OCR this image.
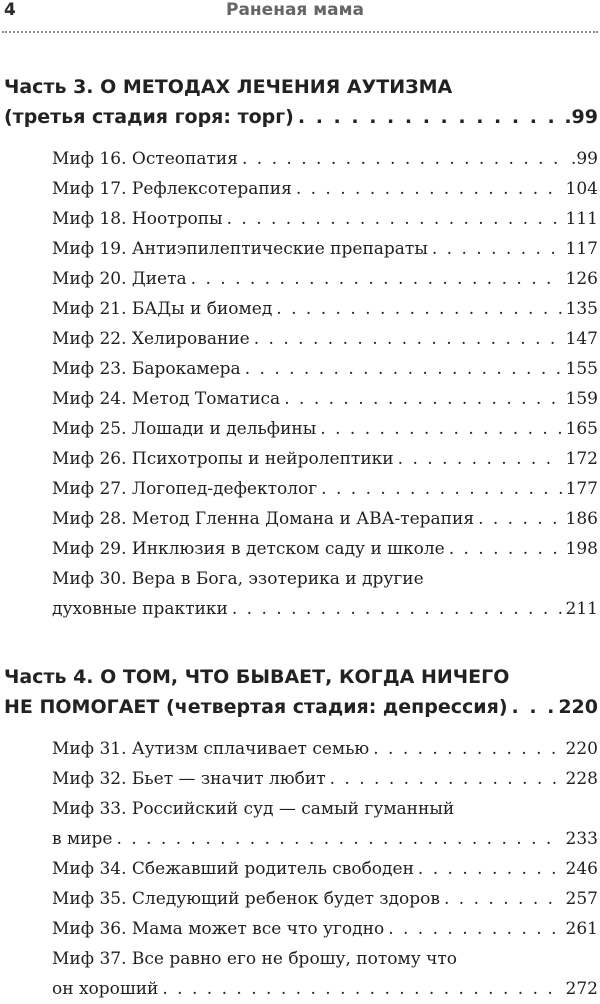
4	Раненая мама
Часть 3. О МЕТОДАХ ЛЕЧЕНИЯ АУТИЗМА
(третья стадия горя: торг) . . .	.99
Миф 16. Остеопатия . . .	.99
Миф 17. Рефлексотерапия . . .	104
Миф 18. Ноотропы . . .	111
Миф 19. Антиэпилептические препараты . . .	117
Миф 20. Диета . . .	126
Миф 21. БАДы и биомед . . .	135
Миф 22. Хелирование . . .	147
Миф 23. Барокамера . . .	155
Миф 24. Метод Томатиса . . .	159
Миф 25. Лошади и дельфины . . .	165
Миф 26. Психотропы и нейролептики . . .	172
Миф 27. Логопед-дефектолог . . .	177
Миф 28. Метод Гленна Домана и АВА-терапия . . .	186
Миф 29. Инклюзия в детском саду и школе . . .	198
Миф 30. Вера в Бога, эзотерика и другие
духовные практики . . .	211
Часть 4. О ТОМ, ЧТО БЫВАЕТ, КОГДА НИЧЕГО
НЕ ПОМОГАЕТ
(четвертая стадия: депрессия) . . .	220
Миф 31. Аутизм сплачивает семью . . .	220
Миф 32. Бьет — значит любит . . .	228
Миф 33. Российский суд — самый гуманный
в мире . . .	233
Миф 34. Сбежавший родитель свободен . . .	246
Миф 35. Следующий ребенок будет здоров . . .	257
Миф 36. Мама может все что угодно . . .	261
Миф 37. Все равно его не брошу, потому что
он хороший . . .	272
